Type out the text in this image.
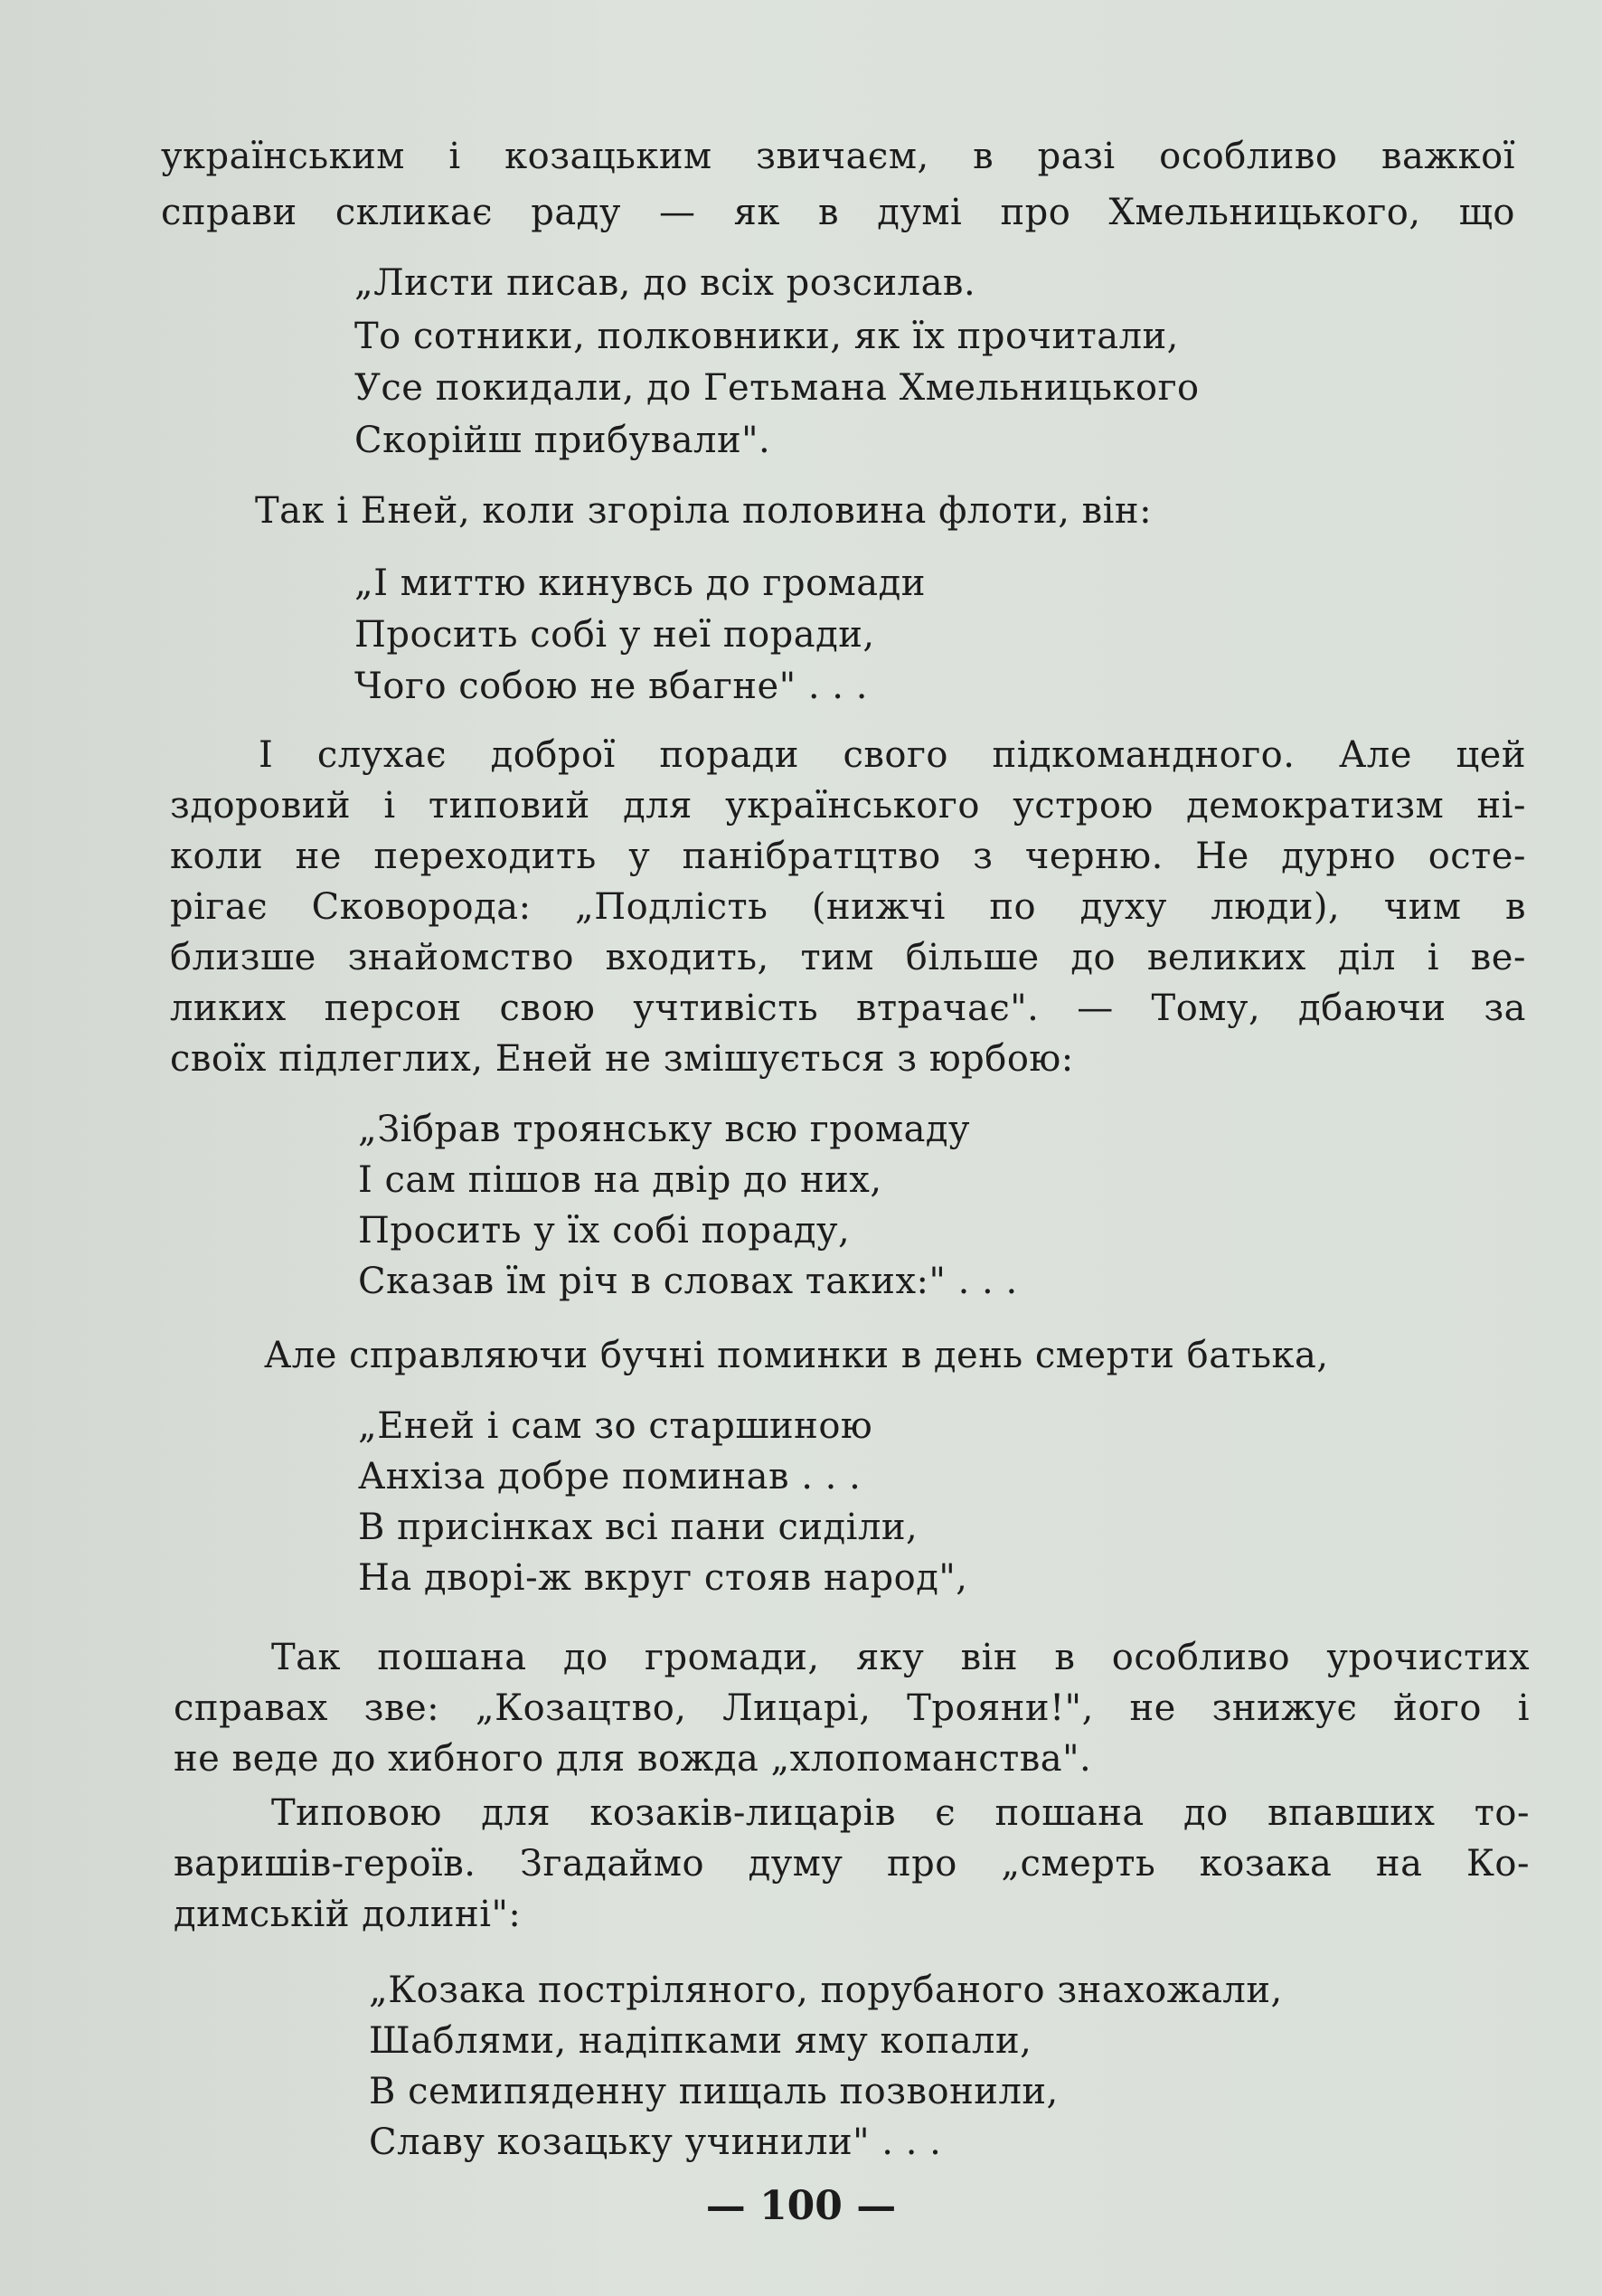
українським і козацьким звичаєм, в разі особливо важкої
справи скликає раду — як в думі про Хмельницького, що
„Листи писав, до всіх розсилав.
То сотники, полковники, як їх прочитали,
Усе покидали, до Гетьмана Хмельницького
Скорійш прибували".
Так і Еней, коли згоріла половина флоти, він:
„І миттю кинувсь до громади
Просить собі у неї поради,
Чого собою не вбагне" . . .
І слухає доброї поради свого підкомандного. Але цей
здоровий і типовий для українського устрою демократизм ні-
коли не переходить у панібратцтво з черню. Не дурно осте-
рігає Сковорода: „Подлість (нижчі по духу люди), чим в
близше знайомство входить, тим більше до великих діл і ве-
ликих персон свою учтивість втрачає". — Тому, дбаючи за
своїх підлеглих, Еней не змішується з юрбою:
„Зібрав троянську всю громаду
І сам пішов на двір до них,
Просить у їх собі пораду,
Сказав їм річ в словах таких:" . . .
Але справляючи бучні поминки в день смерти батька,
„Еней і сам зо старшиною
Анхіза добре поминав . . .
В присінках всі пани сиділи,
На дворі-ж вкруг стояв народ",
Так пошана до громади, яку він в особливо урочистих
справах зве: „Козацтво, Лицарі, Трояни!", не знижує його і
не веде до хибного для вожда „хлопоманства".
Типовою для козаків-лицарів є пошана до впавших то-
варишів-героїв. Згадаймо думу про „смерть козака на Ко-
димській долині":
„Козака постріляного, порубаного знахожали,
Шаблями, надіпками яму копали,
В семипяденну пищаль позвонили,
Славу козацьку учинили" . . .
— 100 —
